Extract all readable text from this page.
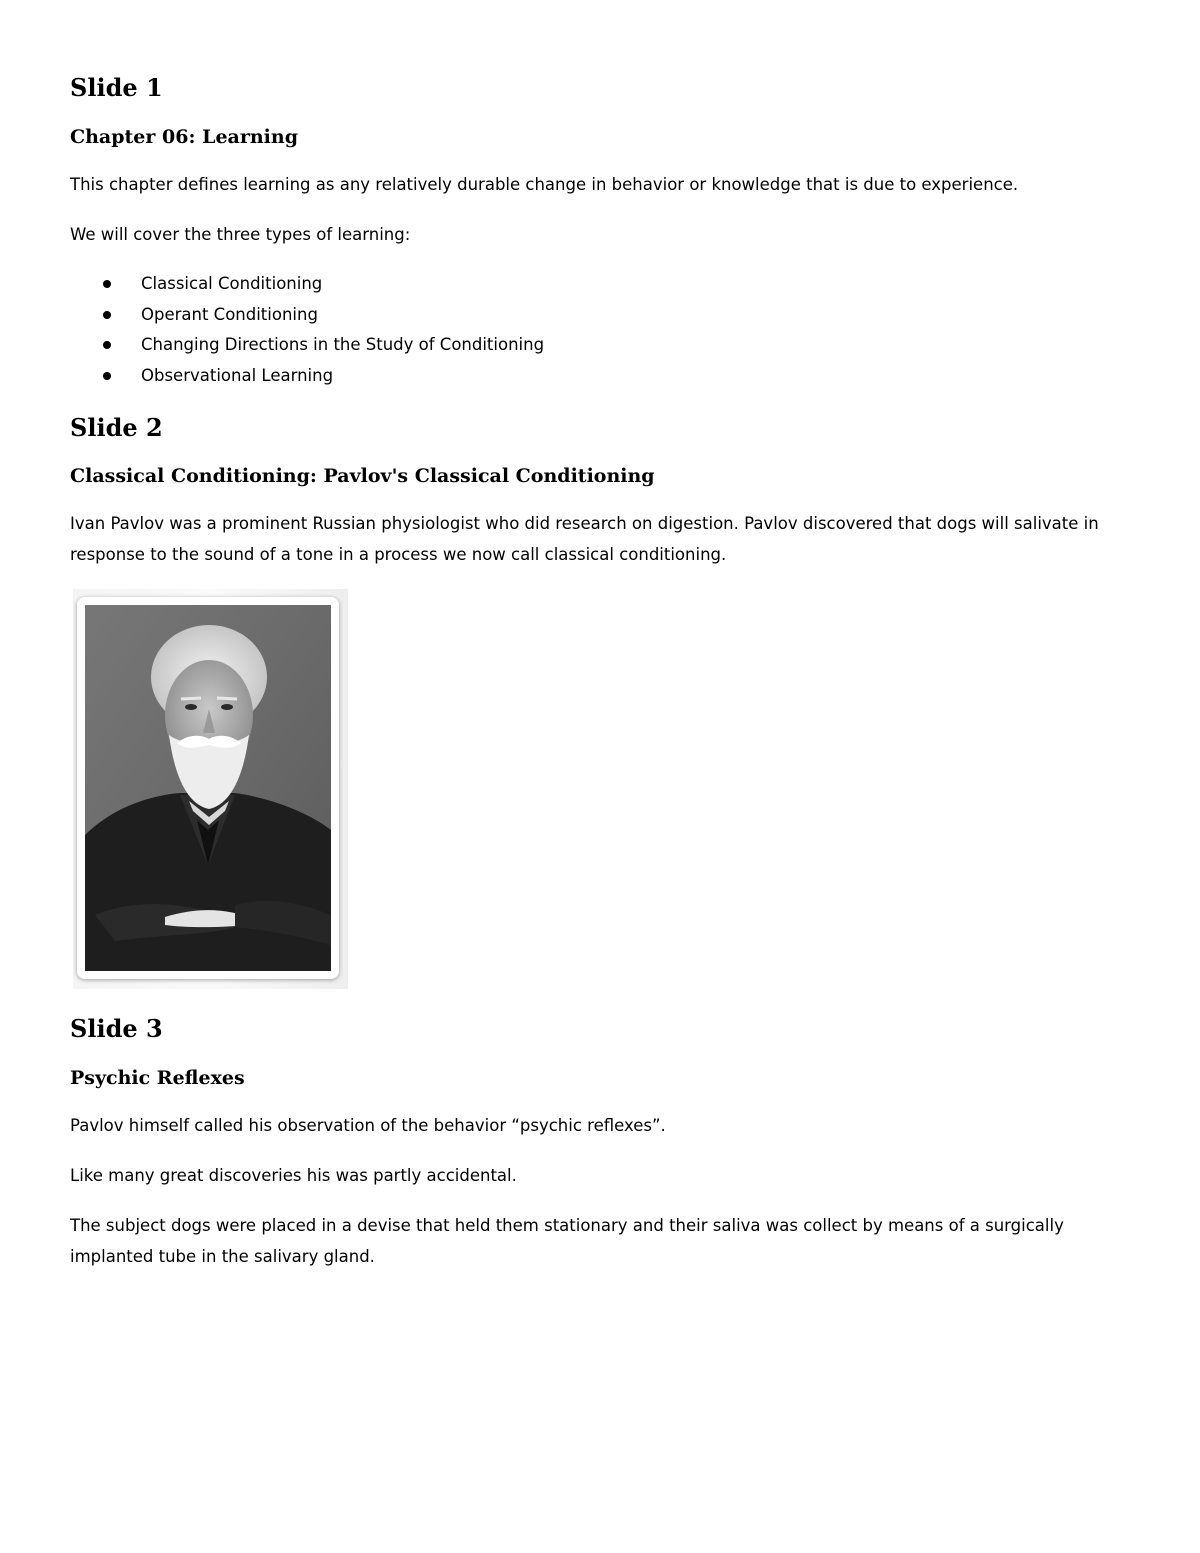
Slide 1
Chapter 06: Learning

This chapter defines learning as any relatively durable change in behavior or knowledge that is due to experience.

We will cover the three types of learning:

Classical Conditioning
Operant Conditioning
Changing Directions in the Study of Conditioning
Observational Learning
Slide 2
Classical Conditioning: Pavlov's Classical Conditioning

Ivan Pavlov was a prominent Russian physiologist who did research on digestion. Pavlov discovered that dogs will salivate in response to the sound of a tone in a process we now call classical conditioning.

Slide 3
Psychic Reflexes

Pavlov himself called his observation of the behavior “psychic reflexes”.

Like many great discoveries his was partly accidental.

The subject dogs were placed in a devise that held them stationary and their saliva was collect by means of a surgically implanted tube in the salivary gland.
